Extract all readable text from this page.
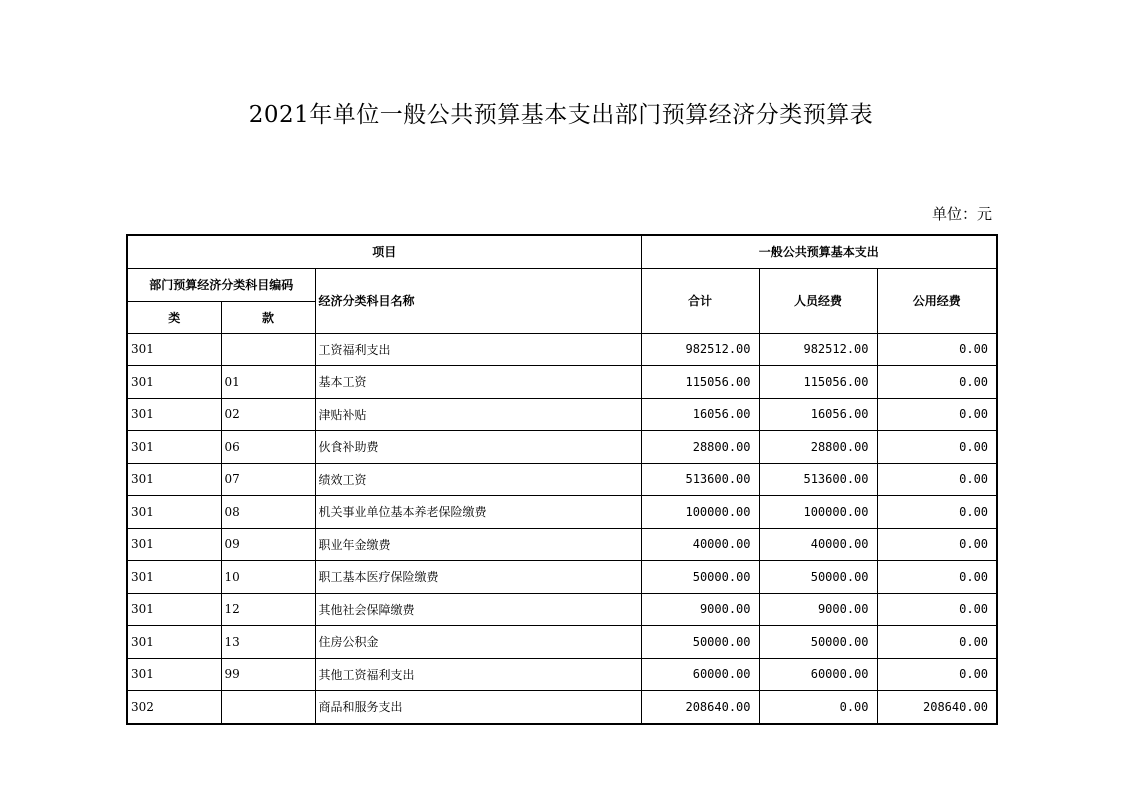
2021年单位一般公共预算基本支出部门预算经济分类预算表
单位：元
项目			一般公共预算基本支出		
部门预算经济分类科目编码		经济分类科目名称	合计	人员经费	公用经费
类	款				
301		工资福利支出	982512.00	982512.00	0.00
301	01	基本工资	115056.00	115056.00	0.00
301	02	津贴补贴	16056.00	16056.00	0.00
301	06	伙食补助费	28800.00	28800.00	0.00
301	07	绩效工资	513600.00	513600.00	0.00
301	08	机关事业单位基本养老保险缴费	100000.00	100000.00	0.00
301	09	职业年金缴费	40000.00	40000.00	0.00
301	10	职工基本医疗保险缴费	50000.00	50000.00	0.00
301	12	其他社会保障缴费	9000.00	9000.00	0.00
301	13	住房公积金	50000.00	50000.00	0.00
301	99	其他工资福利支出	60000.00	60000.00	0.00
302		商品和服务支出	208640.00	0.00	208640.00
